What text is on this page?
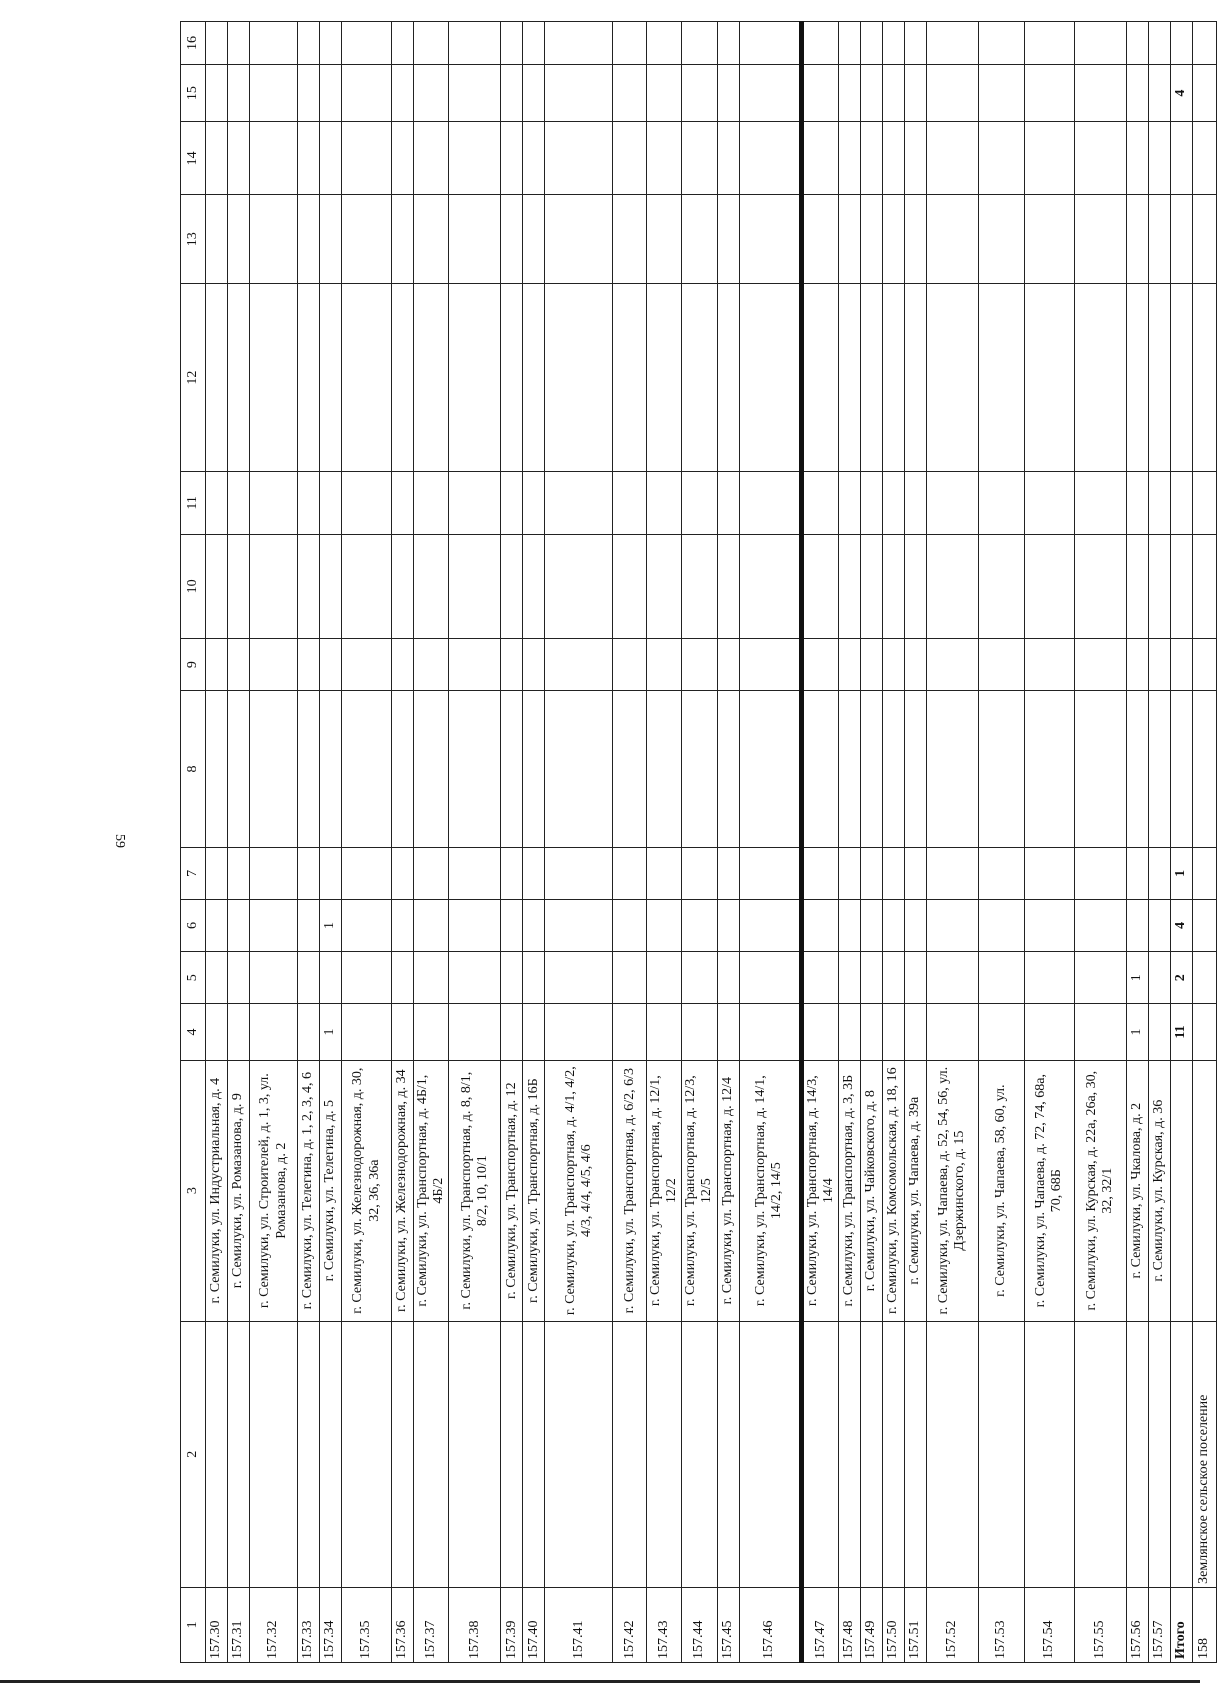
59
1	2	3	4	5	6	7	8	9	10	11	12	13	14	15	16
157.30		г. Семилуки, ул. Индустриальная, д. 4													
157.31		г. Семилуки, ул. Ромазанова, д. 9													
157.32		г. Семилуки, ул. Строителей, д. 1, 3, ул. Ромазанова, д. 2													
157.33		г. Семилуки, ул. Телегина, д. 1, 2, 3, 4, 6													
157.34		г. Семилуки, ул. Телегина, д. 5	1		1										
157.35		г. Семилуки, ул. Железнодорожная, д. 30, 32, 36, 36а													
157.36		г. Семилуки, ул. Железнодорожная, д. 34													
157.37		г. Семилуки, ул. Транспортная, д. 4Б/1, 4Б/2													
157.38		г. Семилуки, ул. Транспортная, д. 8, 8/1, 8/2, 10, 10/1													
157.39		г. Семилуки, ул. Транспортная, д. 12													
157.40		г. Семилуки, ул. Транспортная, д. 16Б													
157.41		г. Семилуки, ул. Транспортная, д. 4/1, 4/2, 4/3, 4/4, 4/5, 4/6													
157.42		г. Семилуки, ул. Транспортная, д. 6/2, 6/3													
157.43		г. Семилуки, ул. Транспортная, д. 12/1, 12/2													
157.44		г. Семилуки, ул. Транспортная, д. 12/3, 12/5													
157.45		г. Семилуки, ул. Транспортная, д. 12/4													
157.46		г. Семилуки, ул. Транспортная, д. 14/1, 14/2, 14/5													
157.47		г. Семилуки, ул. Транспортная, д. 14/3, 14/4													
157.48		г. Семилуки, ул. Транспортная, д. 3, 3Б													
157.49		г. Семилуки, ул. Чайковского, д. 8													
157.50		г. Семилуки, ул. Комсомольская, д. 18, 16													
157.51		г. Семилуки, ул. Чапаева, д. 39а													
157.52		г. Семилуки, ул. Чапаева, д. 52, 54, 56, ул. Дзержинского, д. 15													
157.53		г. Семилуки, ул. Чапаева, 58, 60, ул.													
157.54		г. Семилуки, ул. Чапаева, д. 72, 74, 68а, 70, 68Б													
157.55		г. Семилуки, ул. Курская, д. 22а, 26а, 30, 32, 32/1													
157.56		г. Семилуки, ул. Чкалова, д. 2	1	1											
157.57		г. Семилуки, ул. Курская, д. 36													
Итого			11	2	4	1								4	
158	Землянское сельское поселение														
